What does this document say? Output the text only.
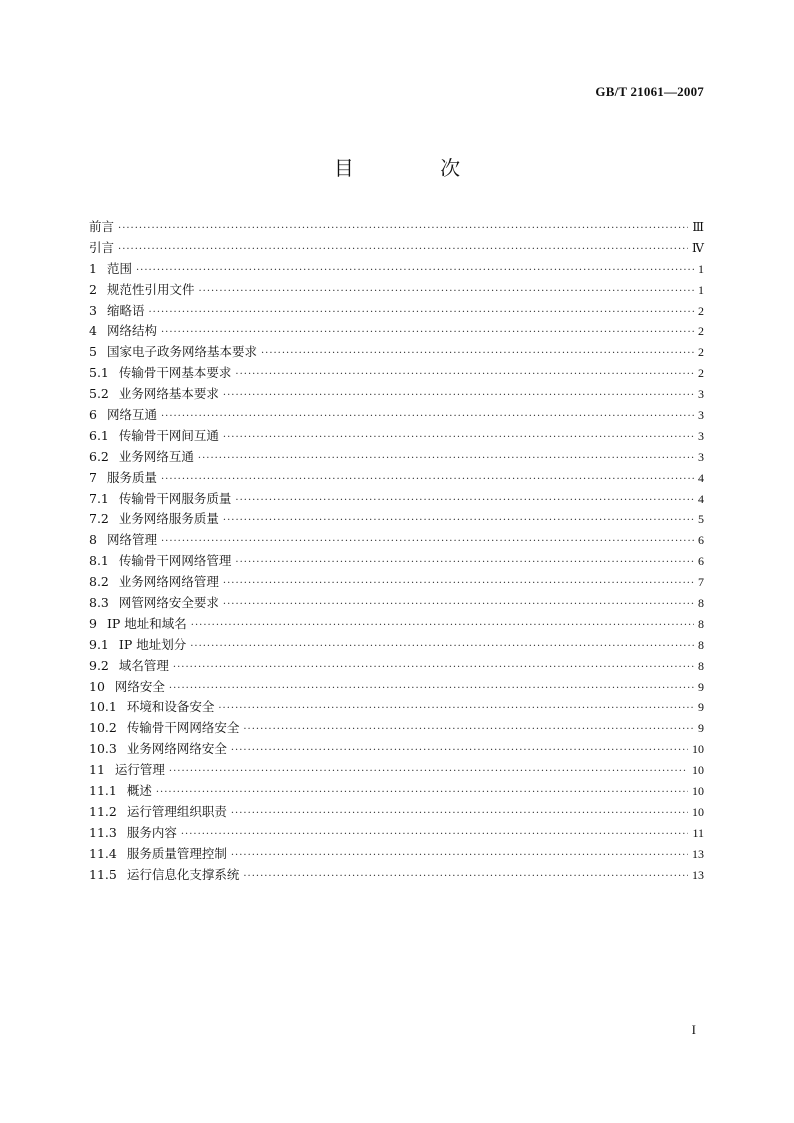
GB/T 21061—2007
目 次
前言 ·····	Ⅲ
引言 ·····	Ⅳ
1 范围 ·····	1
2 规范性引用文件 ·····	1
3 缩略语 ·····	2
4 网络结构 ·····	2
5 国家电子政务网络基本要求 ·····	2
5.1 传输骨干网基本要求 ·····	2
5.2 业务网络基本要求 ·····	3
6 网络互通 ·····	3
6.1 传输骨干网间互通 ·····	3
6.2 业务网络互通 ·····	3
7 服务质量 ·····	4
7.1 传输骨干网服务质量 ·····	4
7.2 业务网络服务质量 ·····	5
8 网络管理 ·····	6
8.1 传输骨干网网络管理 ·····	6
8.2 业务网络网络管理 ·····	7
8.3 网管网络安全要求 ·····	8
9 IP 地址和域名 ·····	8
9.1 IP 地址划分 ·····	8
9.2 域名管理 ·····	8
10 网络安全 ·····	9
10.1 环境和设备安全 ·····	9
10.2 传输骨干网网络安全 ·····	9
10.3 业务网络网络安全 ·····	10
11 运行管理 ·····	10
11.1 概述 ·····	10
11.2 运行管理组织职责 ·····	10
11.3 服务内容 ·····	11
11.4 服务质量管理控制 ·····	13
11.5 运行信息化支撑系统 ·····	13
I
